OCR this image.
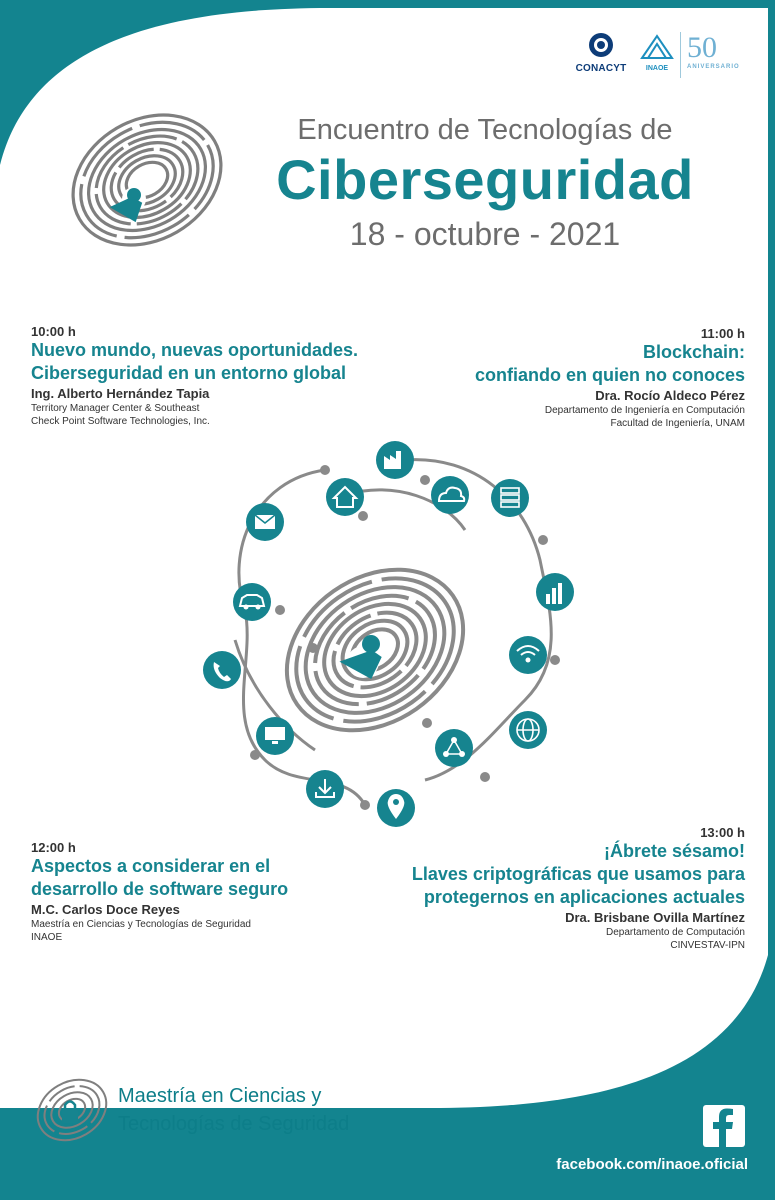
CONACYT	INAOE
50
ANIVERSARIO
Encuentro de Tecnologías de
Ciberseguridad
18 - octubre - 2021
10:00 h
Nuevo mundo, nuevas oportunidades.
Ciberseguridad en un entorno global
Ing. Alberto Hernández Tapia
Territory Manager Center & Southeast
Check Point Software Technologies, Inc.
11:00 h
Blockchain:
confiando en quien no conoces
Dra. Rocío Aldeco Pérez
Departamento de Ingeniería en Computación
Facultad de Ingeniería, UNAM
12:00 h
Aspectos a considerar en el
desarrollo de software seguro
M.C. Carlos Doce Reyes
Maestría en Ciencias y Tecnologías de Seguridad
INAOE
13:00 h
¡Ábrete sésamo!
Llaves criptográficas que usamos para
protegernos en aplicaciones actuales
Dra. Brisbane Ovilla Martínez
Departamento de Computación
CINVESTAV-IPN
Maestría en Ciencias y
Tecnologías de Seguridad
facebook.com/inaoe.oficial
